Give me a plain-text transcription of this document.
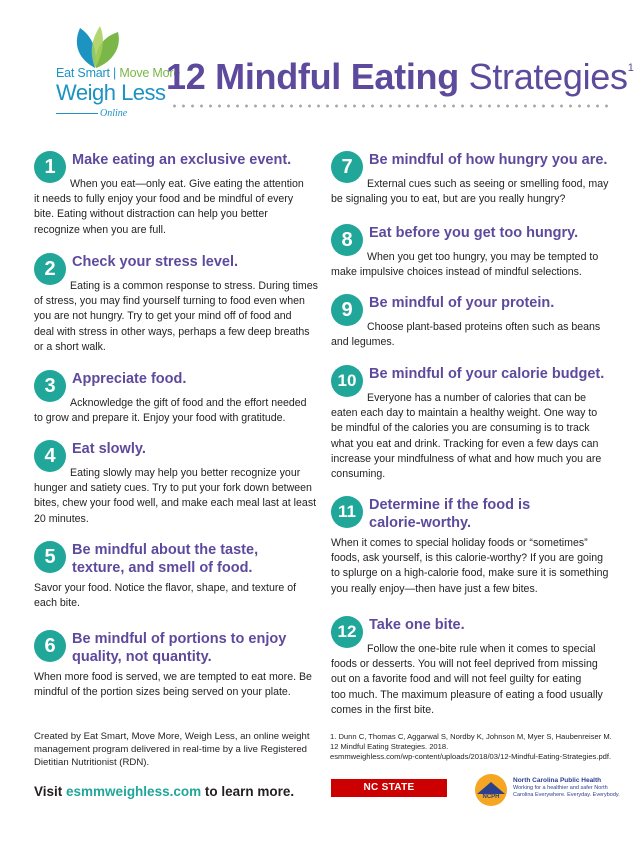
Eat Smart | Move More
Weigh Less
Online
12 Mindful Eating Strategies$^1$
1	Make eating an exclusive event.
When you eat—only eat. Give eating the attention
it needs to fully enjoy your food and be mindful of every
bite. Eating without distraction can help you better
recognize when you are full.
2	Check your stress level.
Eating is a common response to stress. During times
of stress, you may find yourself turning to food even when
you are not hungry. Try to get your mind off of food and
deal with stress in other ways, perhaps a few deep breaths
or a short walk.
3	Appreciate food.
Acknowledge the gift of food and the effort needed
to grow and prepare it. Enjoy your food with gratitude.
4	Eat slowly.
Eating slowly may help you better recognize your
hunger and satiety cues. Try to put your fork down between
bites, chew your food well, and make each meal last at least
20 minutes.
5	Be mindful about the taste,
texture, and smell of food.
Savor your food. Notice the flavor, shape, and texture of
each bite.
6	Be mindful of portions to enjoy
quality, not quantity.
When more food is served, we are tempted to eat more. Be
mindful of the portion sizes being served on your plate.
7	Be mindful of how hungry you are.
External cues such as seeing or smelling food, may
be signaling you to eat, but are you really hungry?
8	Eat before you get too hungry.
When you get too hungry, you may be tempted to
make impulsive choices instead of mindful selections.
9	Be mindful of your protein.
Choose plant-based proteins often such as beans
and legumes.
10 Be mindful of your calorie budget.
Everyone has a number of calories that can be
eaten each day to maintain a healthy weight. One way to
be mindful of the calories you are consuming is to track
what you eat and drink. Tracking for even a few days can
increase your mindfulness of what and how much you are
consuming.
11 Determine if the food is
calorie-worthy.
When it comes to special holiday foods or “sometimes”
foods, ask yourself, is this calorie-worthy? If you are going
to splurge on a high-calorie food, make sure it is something
you really enjoy—then have just a few bites.
12 Take one bite.
Follow the one-bite rule when it comes to special
foods or desserts. You will not feel deprived from missing
out on a favorite food and will not feel guilty for eating
too much. The maximum pleasure of eating a food usually
comes in the first bite.
Created by Eat Smart, Move More, Weigh Less, an online weight
management program delivered in real-time by a live Registered
Dietitian Nutritionist (RDN).
Visit esmmweighless.com to learn more.
1. Dunn C, Thomas C, Aggarwal S, Nordby K, Johnson M, Myer S, Haubenreiser M.
12 Mindful Eating Strategies. 2018.
esmmweighless.com/wp-content/uploads/2018/03/12-Mindful-Eating-Strategies.pdf.
NC STATE UNIVERSITY
NCPH
North Carolina Public Health
Working for a healthier and safer North Carolina Everywhere. Everyday. Everybody.
